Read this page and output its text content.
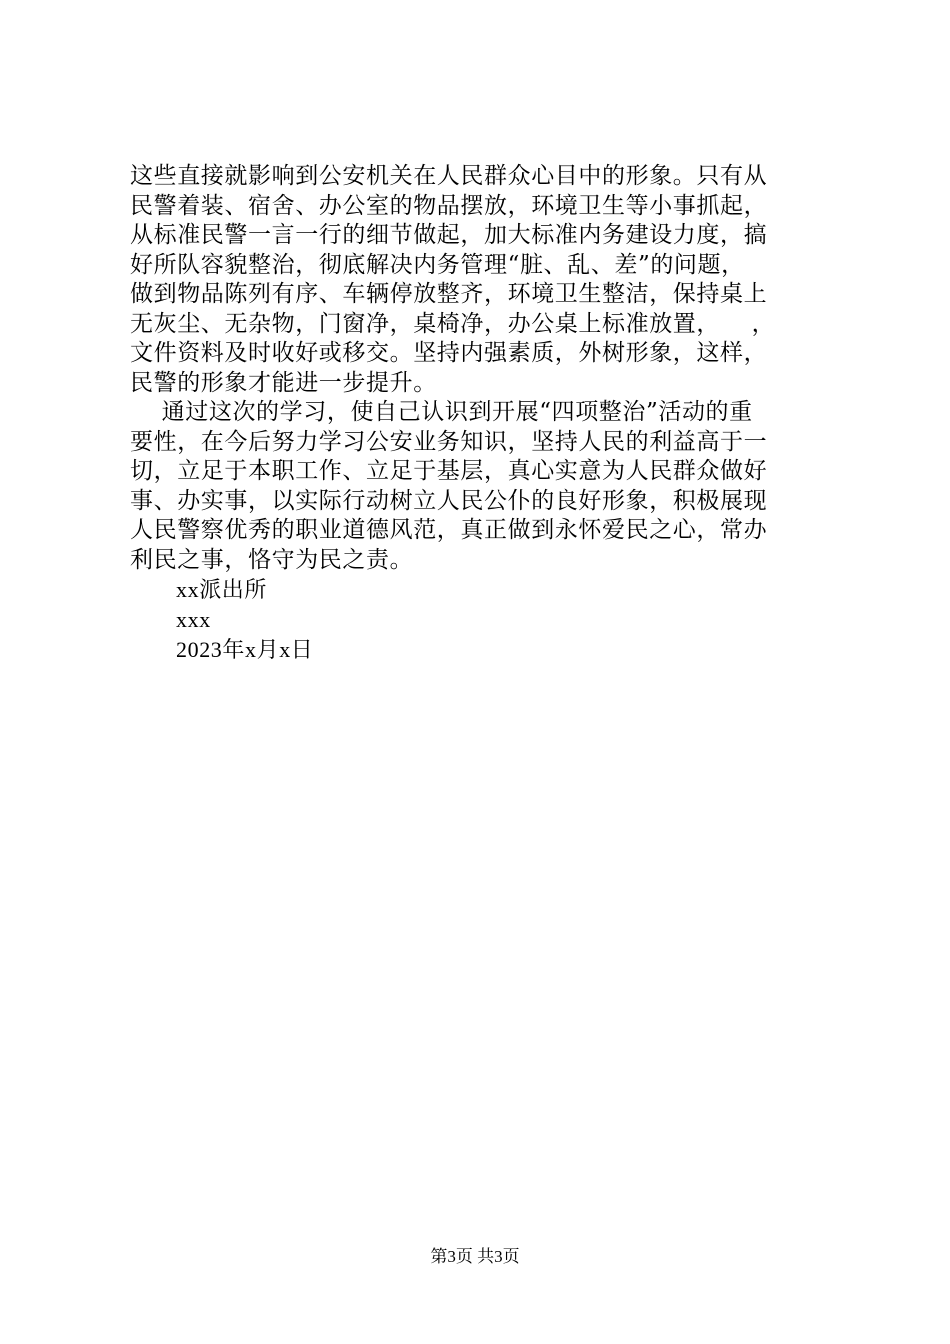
这些直接就影响到公安机关在人民群众心目中的形象。只有从
民警着装、宿舍、办公室的物品摆放，环境卫生等小事抓起，
从标准民警一言一行的细节做起，加大标准内务建设力度，搞
好所队容貌整治，彻底解决内务管理“脏、乱、差”的问题，
做到物品陈列有序、车辆停放整齐，环境卫生整洁，保持桌上
无灰尘、无杂物，门窗净，桌椅净，办公桌上标准放置，    ，
文件资料及时收好或移交。坚持内强素质，外树形象，这样，
民警的形象才能进一步提升。
通过这次的学习，使自己认识到开展“四项整治”活动的重
要性，在今后努力学习公安业务知识，坚持人民的利益高于一
切，立足于本职工作、立足于基层，真心实意为人民群众做好
事、办实事，以实际行动树立人民公仆的良好形象，积极展现
人民警察优秀的职业道德风范，真正做到永怀爱民之心，常办
利民之事，恪守为民之责。
xx派出所
xxx
2023年x月x日
第3页 共3页
